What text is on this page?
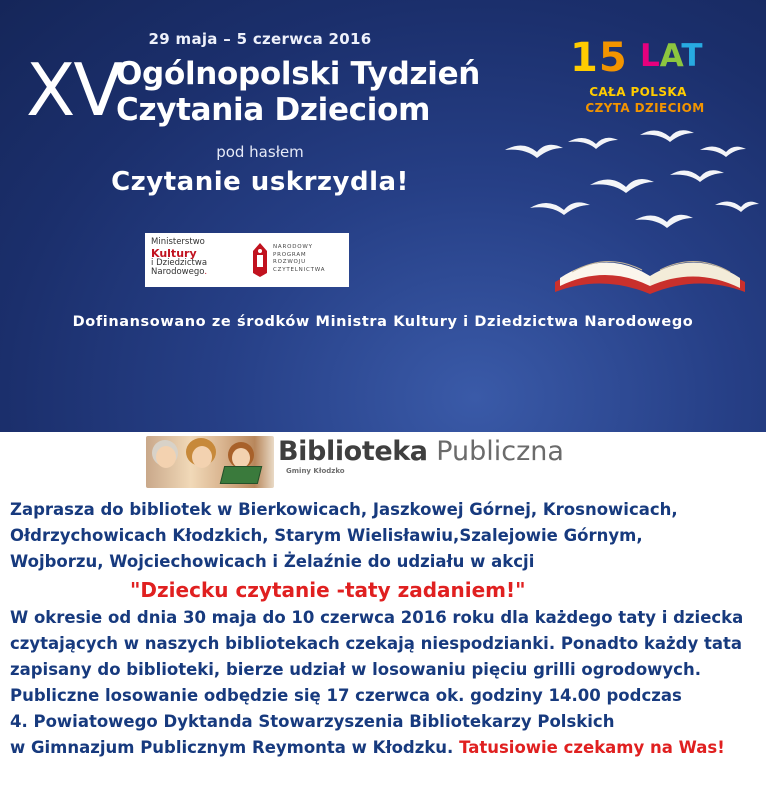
29 maja – 5 czerwca 2016
XV
Ogólnopolski Tydzień
Czytania Dzieciom
pod hasłem
Czytanie uskrzydla!
Ministerstwo
Kultury
i Dziedzictwa
Narodowego.
NARODOWY
PROGRAM
ROZWOJU
CZYTELNICTWA
Dofinansowano ze środków Ministra Kultury i Dziedzictwa Narodowego
15 LAT
CAŁA POLSKA
CZYTA DZIECIOM
Biblioteka Publiczna
Gminy Kłodzko

Zaprasza do bibliotek w Bierkowicach, Jaszkowej Górnej, Krosnowicach,

Ołdrzychowicach Kłodzkich, Starym Wielisławiu,Szalejowie Górnym,

Wojborzu, Wojciechowicach i Żelaźnie do udziału w akcji

"Dziecku czytanie -taty zadaniem!"

W okresie od dnia 30 maja do 10 czerwca 2016 roku dla każdego taty i dziecka

czytających w naszych bibliotekach czekają niespodzianki. Ponadto każdy tata

zapisany do biblioteki, bierze udział w losowaniu pięciu grilli ogrodowych.

Publiczne losowanie odbędzie się 17 czerwca ok. godziny 14.00 podczas

4. Powiatowego Dyktanda Stowarzyszenia Bibliotekarzy Polskich

w Gimnazjum Publicznym Reymonta w Kłodzku. Tatusiowie czekamy na Was!
